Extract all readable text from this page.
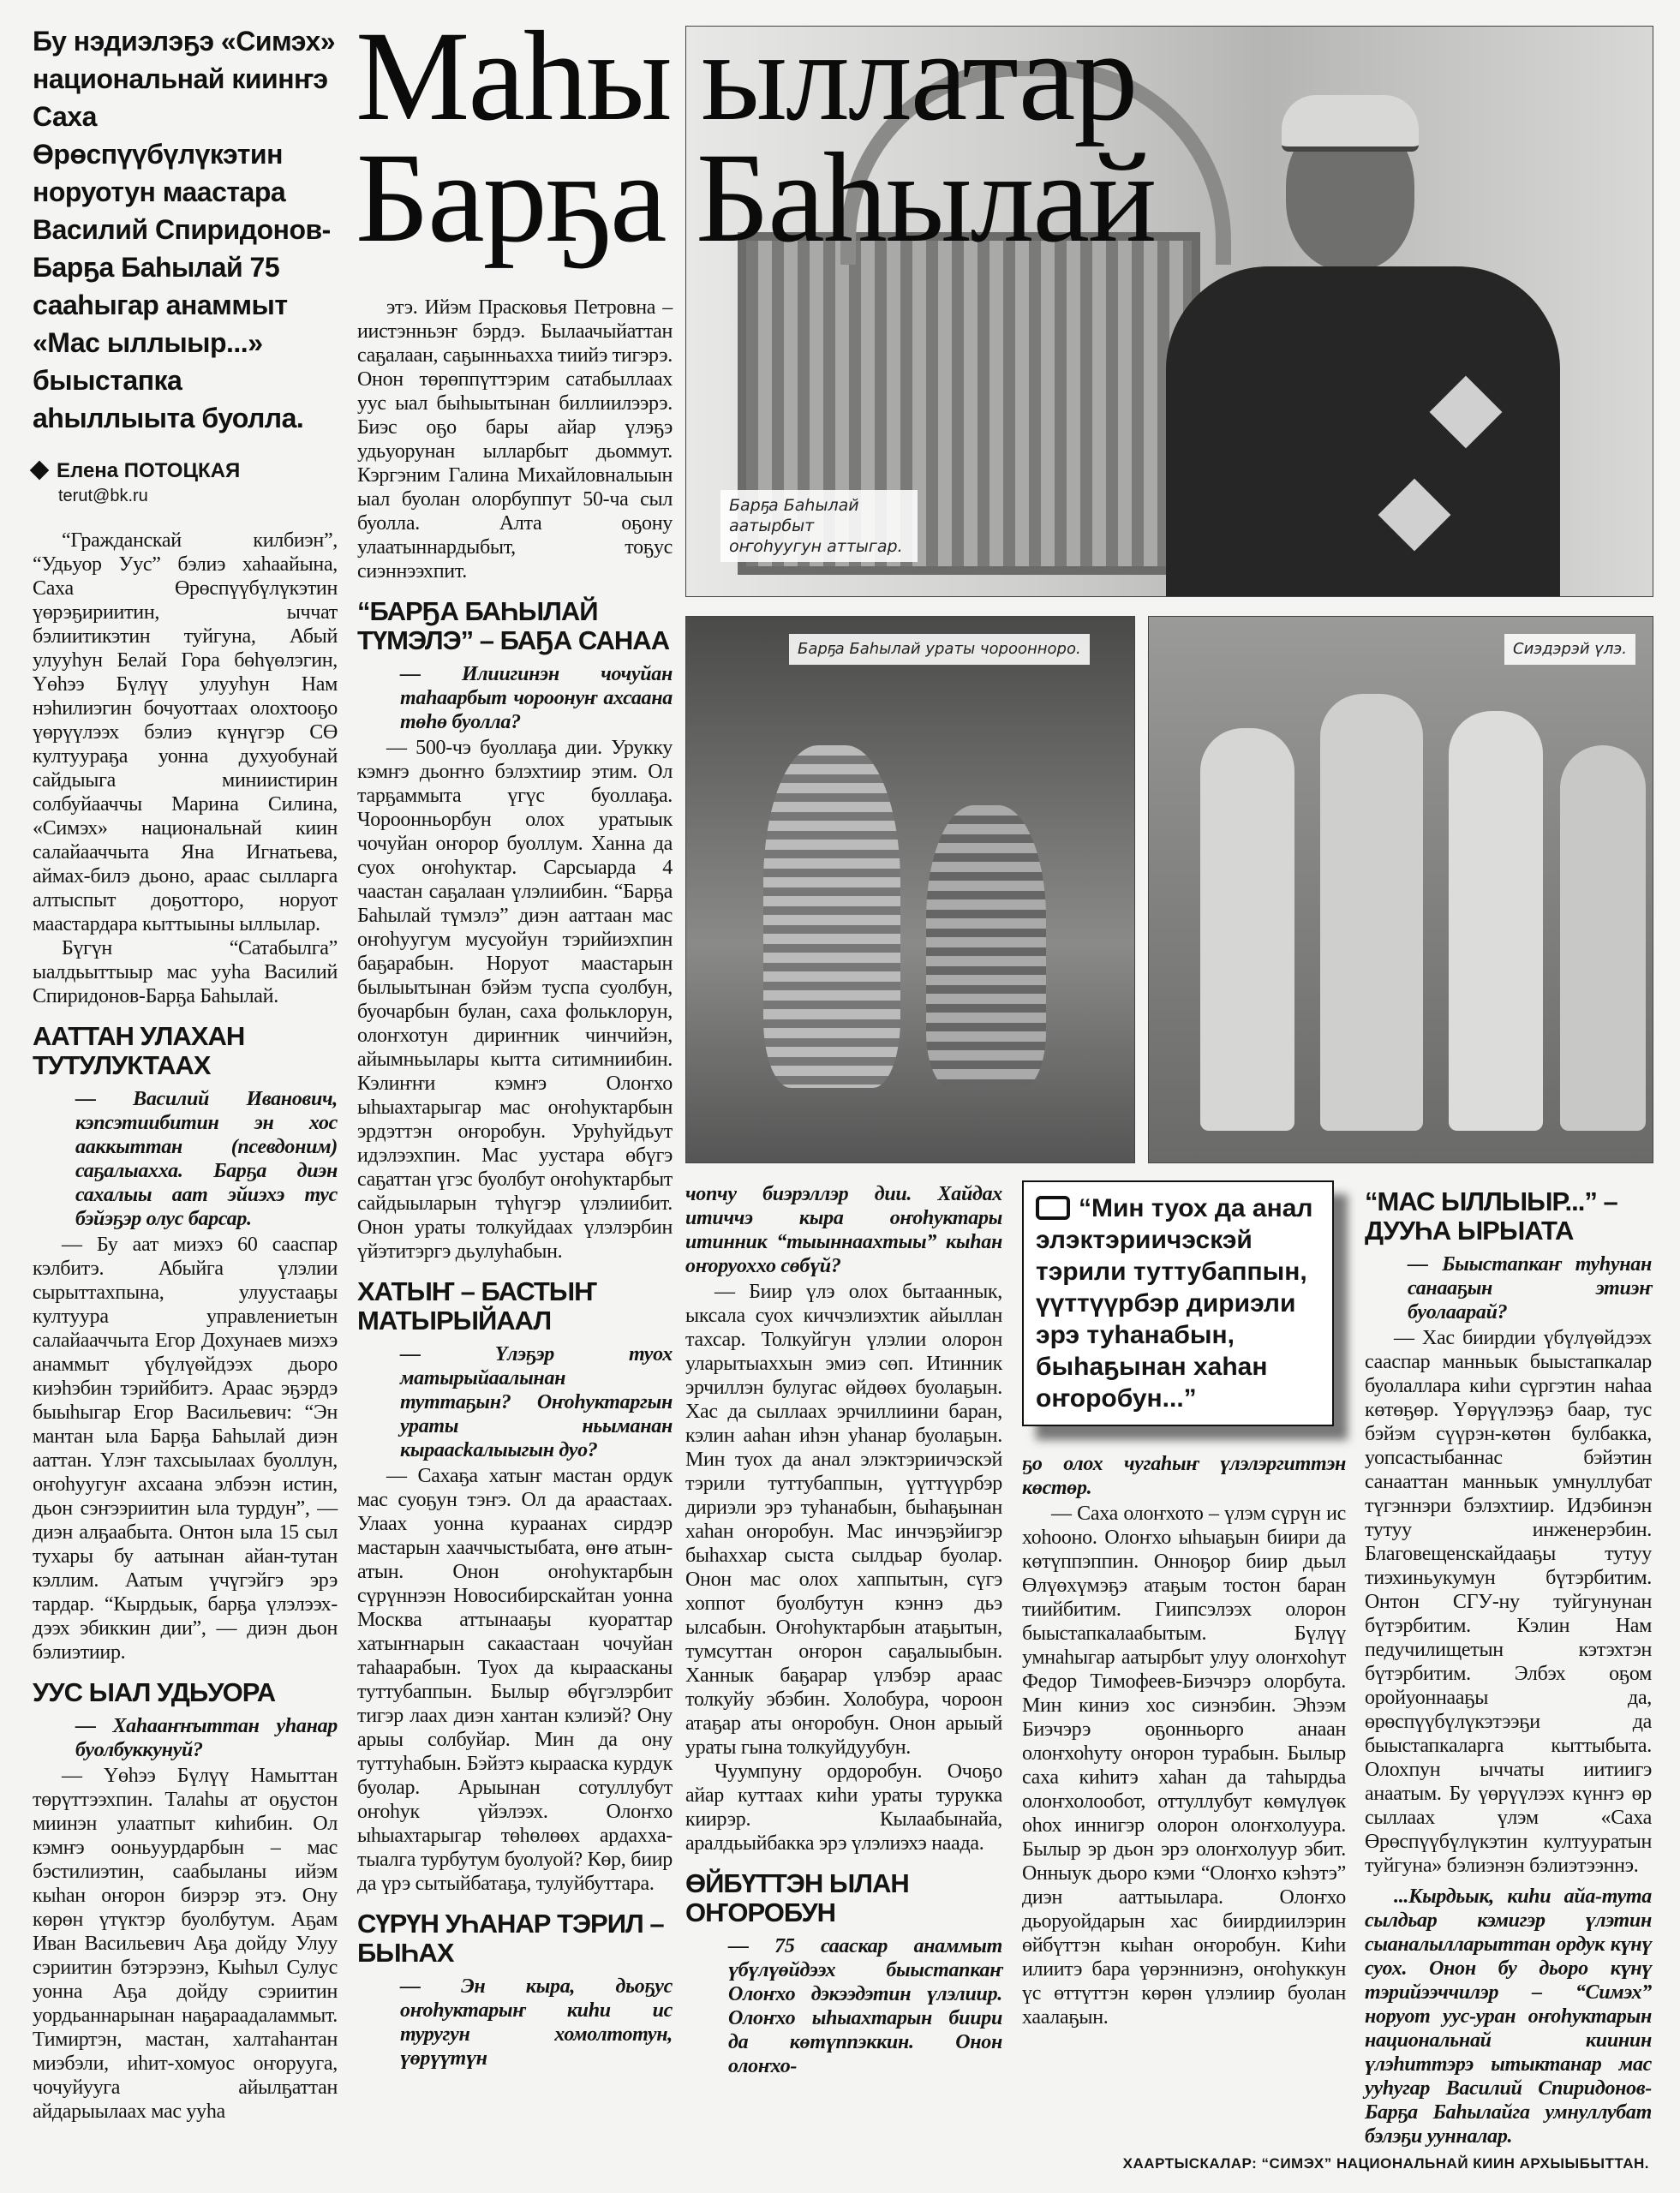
Барҕа Баһылай аатырбыт оҥоһуугун аттыгар.
Маһы ыллатар Барҕа Баһылай
Барҕа Баһылай ураты чороонноро.	Сиэдэрэй үлэ.
Бу нэдиэлэҕэ «Симэх» национальнай киинҥэ Саха Өрөспүүбүлүкэтин норуотун маастара Василий Спиридонов-Барҕа Баһылай 75 сааһыгар анаммыт «Мас ыллыыр...» быыстапка аһыллыыта буолла.
Елена ПОТОЦКАЯ
terut@bk.ru

“Гражданскай килбиэн”, “Удьуор Уус” бэлиэ хаһаайына, Саха Өрөспүүбүлүкэтин үөрэҕириитин, ыччат бэлиитикэтин туйгуна, Абый улууһун Белай Гора бөһүөлэгин, Үөһээ Бүлүү улууһун Нам нэһилиэгин бочуоттаах олохтооҕо үөрүүлээх бэлиэ күнүгэр СӨ култуураҕа уонна духуобунай сайдыыга миниистирин солбуйааччы Марина Силина, «Симэх» национальнай киин салайааччыта Яна Игнатьева, аймах-билэ дьоно, араас сылларга алтыспыт доҕоттoро, норуот маастардара кыттыыны ыллылар.

Бүгүн “Сатабылга” ыалдьыттыыр мас ууһа Василий Спиридонов-Барҕа Баһылай.

ААТТАН УЛАХАН ТУТУЛУКТААХ

— Василий Иванович, кэпсэтиибитин эн хос ааккыттан (псевдоним) саҕалыахха. Барҕа диэн сахалыы аат эйиэхэ тус бэйэҕэр олус барсар.

— Бу аат миэхэ 60 сааспар кэлбитэ. Абыйга үлэлии сырыттахпына, улуустааҕы култуура управлениетын салайааччыта Егор Дохунаев миэхэ анаммыт үбүлүөйдээх дьоро киэһэбин тэрийбитэ. Араас эҕэрдэ быыһыгар Егор Васильевич: “Эн мантан ыла Барҕа Баһылай диэн ааттан. Үлэҥ тахсыылаах буоллун, оҥоһуугуҥ ахсаана элбээн истин, дьон сэҥээриитин ыла турдун”, — диэн алҕаабыта. Онтон ыла 15 сыл тухары бу аатынан айан-тутан кэллим. Аатым үчүгэйгэ эрэ тардар. “Кырдьык, барҕа үлэлээх-дээх эбиккин дии”, — диэн дьон бэлиэтиир.

УУС ЫАЛ УДЬУОРА

— Хаһааҥҥыттан уһанар буолбуккунуй?

— Үөһээ Бүлүү Намыттан төрүттээхпин. Талаһы ат оҕустон миинэн улаатпыт киһибин. Ол кэмҥэ ооньуурдарбын – мас бэстилиэтин, саабыланы ийэм кыһан оҥорон биэрэр этэ. Ону көрөн үтүктэр буолбутум. Аҕам Иван Васильевич Аҕа дойду Улуу сэриитин бэтэрээнэ, Кыһыл Сулус уонна Аҕа дойду сэриитин уордьаннарынан наҕараадаламмыт. Тимиртэн, мастан, халтаһантан миэбэли, иһит-хомуос оҥорууга, чочуйууга айылҕаттан айдарыылаах мас ууһа

этэ. Ийэм Прасковья Петровна – иистэнньэҥ бэрдэ. Былаачыйаттан саҕалаан, саҕынньахха тиийэ тигэрэ. Онон төрөппүттэрим сатабыллаах уус ыал быһыытынан биллиилээрэ. Биэс оҕо бары айар үлэҕэ удьуорунан ылларбыт дьоммут. Кэргэним Галина Михайловналыын ыал буолан олорбуппут 50-ча сыл буолла. Алта оҕону улаатыннардыбыт, тоҕус сиэннээхпит.

“БАРҔА БАҺЫЛАЙ ТҮМЭЛЭ” – БАҔА САНАА

— Илиигинэн чочуйан таһаарбыт чороонуҥ ахсаана төһө буолла?

— 500-чэ буоллаҕа дии. Урукку кэмҥэ дьоҥҥо бэлэхтиир этим. Ол тарҕаммыта үгүс буоллаҕа. Чороонньорбун олох уратыык чочуйан оҥорор буоллум. Ханна да суох оҥоһуктар. Сарсыарда 4 чаастан саҕалаан үлэлиибин. “Барҕа Баһылай түмэлэ” диэн ааттаан мас оҥоһуугум мусуойун тэрийиэхпин баҕарабын. Норуот маастарын былыытынан бэйэм туспа суолбун, буочарбын булан, саха фольклорун, олоҥхотун дириҥник чинчийэн, айымньылары кытта ситимниибин. Кэлиҥҥи кэмҥэ Олоҥхо ыһыахтарыгар мас оҥоһуктарбын эрдэттэн оҥоробун. Уруһуйдьут идэлээхпин. Мас уустара өбүгэ саҕаттан үгэс буолбут оҥоһуктарбыт сайдыыларын түһүгэр үлэлиибит. Онон ураты толкуйдаах үлэлэрбин үйэтитэргэ дьулуһабын.

ХАТЫҤ – БАСТЫҤ МАТЫРЫЙААЛ

— Үлэҕэр туох матырыйаалынан туттаҕын? Оҥоһуктаргын ураты ньыманан кыраасkалыыгын дуо?

— Сахаҕа хатыҥ мастан ордук мас суоҕун тэҥэ. Ол да араастаах. Улаах уонна кураанах сирдэр мастарын хааччыстыбата, өҥө атын-атын. Онон оҥоһуктарбын сүрүннээн Новосибирскайтан уонна Москва аттынааҕы куораттар хатыҥнарын сакаастаан чочуйан таһаарабын. Туох да кыраасканы туттубаппын. Былыр өбүгэлэрбит тигэр лаах диэн хантан кэлиэй? Ону арыы солбуйар. Мин да ону туттуһабын. Бэйэтэ кырааска курдук буолар. Арыынан сотуллубут оҥоһук үйэлээх. Олоҥхо ыһыахтарыгар төһөлөөх ардахха-тыалга турбутум буолуой? Көр, биир да үрэ сытыйбатаҕа, тулуйбуттара.

СҮРҮН УҺАНАР ТЭРИЛ – БЫҺАХ

— Эн кыра, дьоҕус оҥоһуктарыҥ киһи ис туругун хомолтотун, үөрүүтүн

чопчу биэрэллэр дии. Хайдах итиччэ кыра оҥоһуктары итинник “тыыннаахтыы” кыһан оҥоруоххо сөбүй?

— Биир үлэ олох бытааннык, ыксала суох киччэлиэхтик айыллан тахсар. Толкуйгун үлэлии олорон уларытыаххын эмиэ сөп. Итинник эрчиллэн булугас өйдөөх буолаҕын. Хас да сыллаах эрчиллиини баран, кэлин ааһан иһэн уһанар буолаҕын. Мин туох да анал элэктэриичэскэй тэрили туттубаппын, үүттүүрбэр дириэли эрэ туһанабын, быһаҕынан хаһан оҥоробун. Мас инчэҕэйигэр быһаххар сыста сылдьар буолар. Онон мас олох хаппытын, сүгэ хоппот буолбутун кэннэ дьэ ылсабын. Оҥоһуктарбын атаҕытын, тумсуттан оҥорон саҕалыыбын. Ханнык баҕарар үлэбэр араас толкуйу эбэбин. Холобура, чороон атаҕар аты оҥоробун. Онон арыый ураты гына толкуйдуубун.

Чуумпуну ордоробун. Очоҕо айар куттаах киһи ураты турукка киирэр. Кылаабынайа, аралдьыйбакка эрэ үлэлиэхэ наада.

ӨЙБҮТТЭН ЫЛАН ОҤОРОБУН

— 75 сааскар анаммыт үбүлүөйдээх быыстапкаҥ Олоҥхо дэкээдэтин үлэлиир. Олоҥхо ыһыахтарын биири да көтүппэккин. Онон олоҥхо-

“Мин туох да анал элэктэриичэскэй тэрили туттубаппын, үүттүүрбэр дириэли эрэ туһанабын, быһаҕынан хаһан оҥоробун...”

ҕо олох чугаһыҥ үлэлэргиттэн көстөр.

— Саха олоҥхото – үлэм сүрүн ис хоһооно. Олоҥхо ыһыаҕын биири да көтүппэппин. Онноҕор биир дьыл Өлүөхүмэҕэ атаҕым тостон баран тиийбитим. Гиипсэлээх олорон быыстапкалаабытым. Бүлүү умнаһыгар аатырбыт улуу олоҥхоһут Федор Тимофеев-Биэчэрэ олорбута. Мин киниэ хос сиэнэбин. Эһээм Биэчэрэ оҕонньорго анаан олоҥхоһуту оҥорон турабын. Былыр саха киһитэ хаһан да таһырдьа олоҥхолообот, оттуллубут көмүлүөк оһох иннигэр олорон олоҥхолуура. Былыр эр дьон эрэ олоҥхолуур эбит. Онныук дьоро кэми “Олоҥхо кэһэтэ” диэн ааттыылара. Олоҥхо дьоруойдарын хас биирдиилэрин өйбүттэн кыһан оҥоробун. Киһи илиитэ бара үөрэнниэнэ, оҥоһуккун үс өттүттэн көрөн үлэлиир буолан хаалаҕын.

“МАС ЫЛЛЫЫР...” – ДУУҺА ЫРЫАТА

— Быыстапкаҥ туһунан санааҕын этиэҥ буолаарай?

— Хас биирдии үбүлүөйдээх сааспар манньык быыстапкалар буолаллара киһи сүргэтин наһаа көтөҕөр. Үөрүүлээҕэ баар, тус бэйэм сүүрэн-көтөн булбакка, уопсастыбаннас бэйэтин санааттан манньык умнуллубат түгэннэри бэлэхтиир. Идэбинэн тутуу инженерэбин. Благовещенскайдааҕы тутуу тиэхиньукумун бүтэрбитим. Онтон СГУ-ну туйгунунан бүтэрбитим. Кэлин Нам педучилищетын кэтэхтэн бүтэрбитим. Элбэх оҕом оройуоннааҕы да, өрөспүүбүлүкэтээҕи да быыстапкаларга кыттыбыта. Олохпун ыччаты иитиигэ анаатым. Бу үөрүүлээх күнҥэ өр сыллаах үлэм «Саха Өрөспүүбүлүкэтин култууратын туйгуна» бэлиэнэн бэлиэтээннэ.

...Кырдьык, киһи айа-тута сылдьар кэмигэр үлэтин сыаналылларыттан ордук күнү суох. Онон бу дьоро күнү тэрийээччилэр – “Симэх” норуот уус-уран оҥоһуктарын национальнай киинин үлэһиттэрэ ытыктанар мас ууһугар Василий Спиридонов-Барҕа Баһылайга умнуллубат бэлэҕи уунналар.

ХААРТЫСКАЛАР: “СИМЭХ” НАЦИОНАЛЬНАЙ КИИН АРХЫЫБЫТТАН.
